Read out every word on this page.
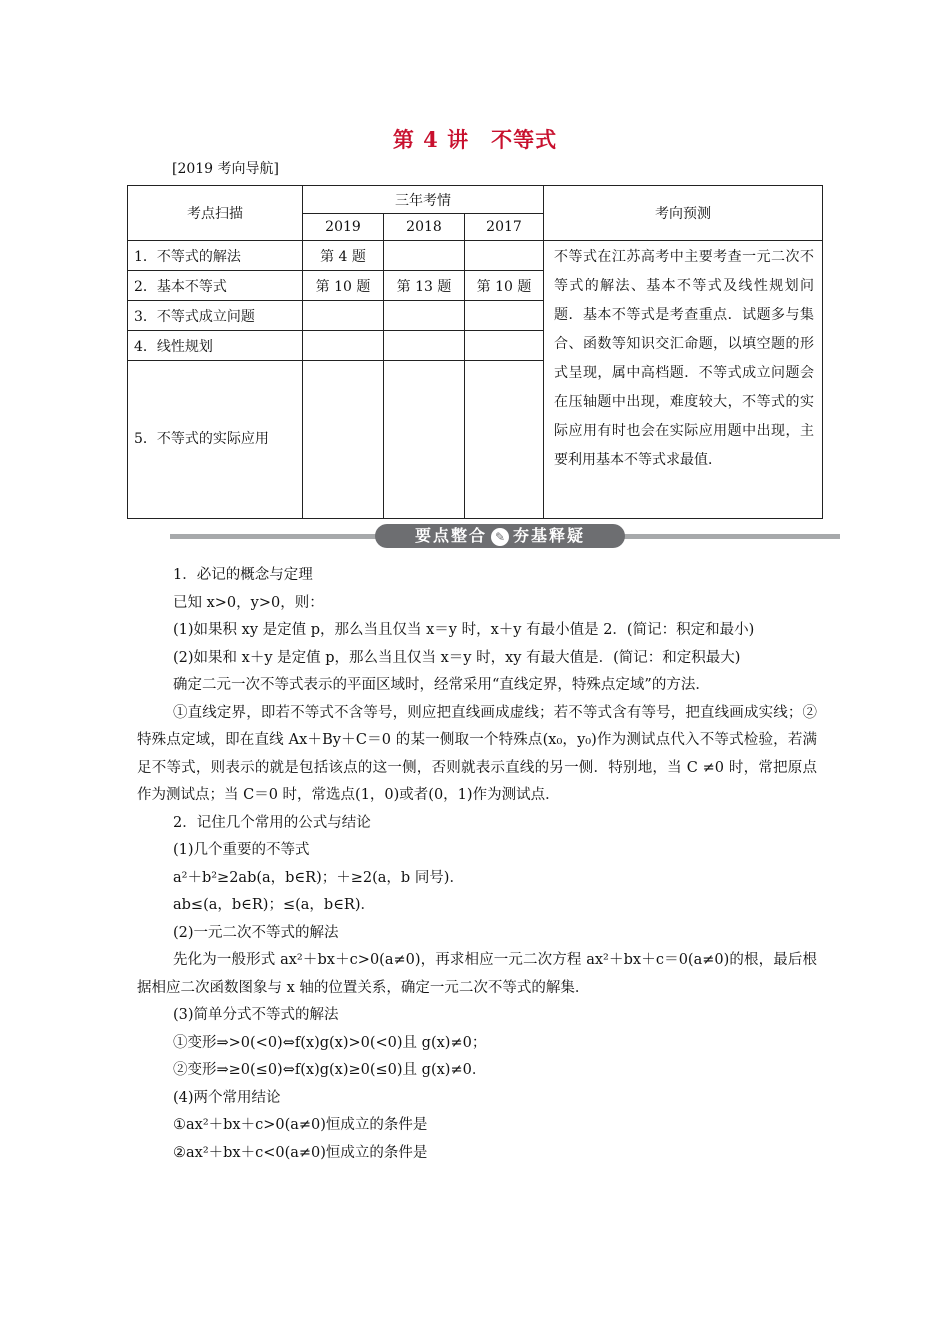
第 4 讲　不等式
[2019 考向导航]
考点扫描	三年考情			考向预测
	2019	2018	2017	
1．不等式的解法	第 4 题			不等式在江苏高考中主要考查一元二次不等式的解法、基本不等式及线性规划问题．基本不等式是考查重点．试题多与集合、函数等知识交汇命题，以填空题的形式呈现，属中高档题．不等式成立问题会在压轴题中出现，难度较大，不等式的实际应用有时也会在实际应用题中出现，主要利用基本不等式求最值．
2．基本不等式	第 10 题	第 13 题	第 10 题	
3．不等式成立问题				
4．线性规划				
5．不等式的实际应用				
要点整合 ✎ 夯基释疑

1．必记的概念与定理

已知 x>0，y>0，则：

(1)如果积 xy 是定值 p，那么当且仅当 x＝y 时，x＋y 有最小值是 2．(简记：积定和最小)

(2)如果和 x＋y 是定值 p，那么当且仅当 x＝y 时，xy 有最大值是．(简记：和定积最大)

确定二元一次不等式表示的平面区域时，经常采用“直线定界，特殊点定域”的方法．

①直线定界，即若不等式不含等号，则应把直线画成虚线；若不等式含有等号，把直线画成实线；②特殊点定域，即在直线 Ax＋By＋C＝0 的某一侧取一个特殊点(x₀，y₀)作为测试点代入不等式检验，若满足不等式，则表示的就是包括该点的这一侧，否则就表示直线的另一侧．特别地，当 C ≠0 时，常把原点作为测试点；当 C＝0 时，常选点(1，0)或者(0，1)作为测试点．

2．记住几个常用的公式与结论

(1)几个重要的不等式

a²＋b²≥2ab(a，b∈R)；＋≥2(a，b 同号)．

ab≤(a，b∈R)；≤(a，b∈R)．

(2)一元二次不等式的解法

先化为一般形式 ax²＋bx＋c>0(a≠0)，再求相应一元二次方程 ax²＋bx＋c＝0(a≠0)的根，最后根据相应二次函数图象与 x 轴的位置关系，确定一元二次不等式的解集．

(3)简单分式不等式的解法

①变形⇒>0(<0)⇔f(x)g(x)>0(<0)且 g(x)≠0；

②变形⇒≥0(≤0)⇔f(x)g(x)≥0(≤0)且 g(x)≠0．

(4)两个常用结论

①ax²＋bx＋c>0(a≠0)恒成立的条件是

②ax²＋bx＋c<0(a≠0)恒成立的条件是
